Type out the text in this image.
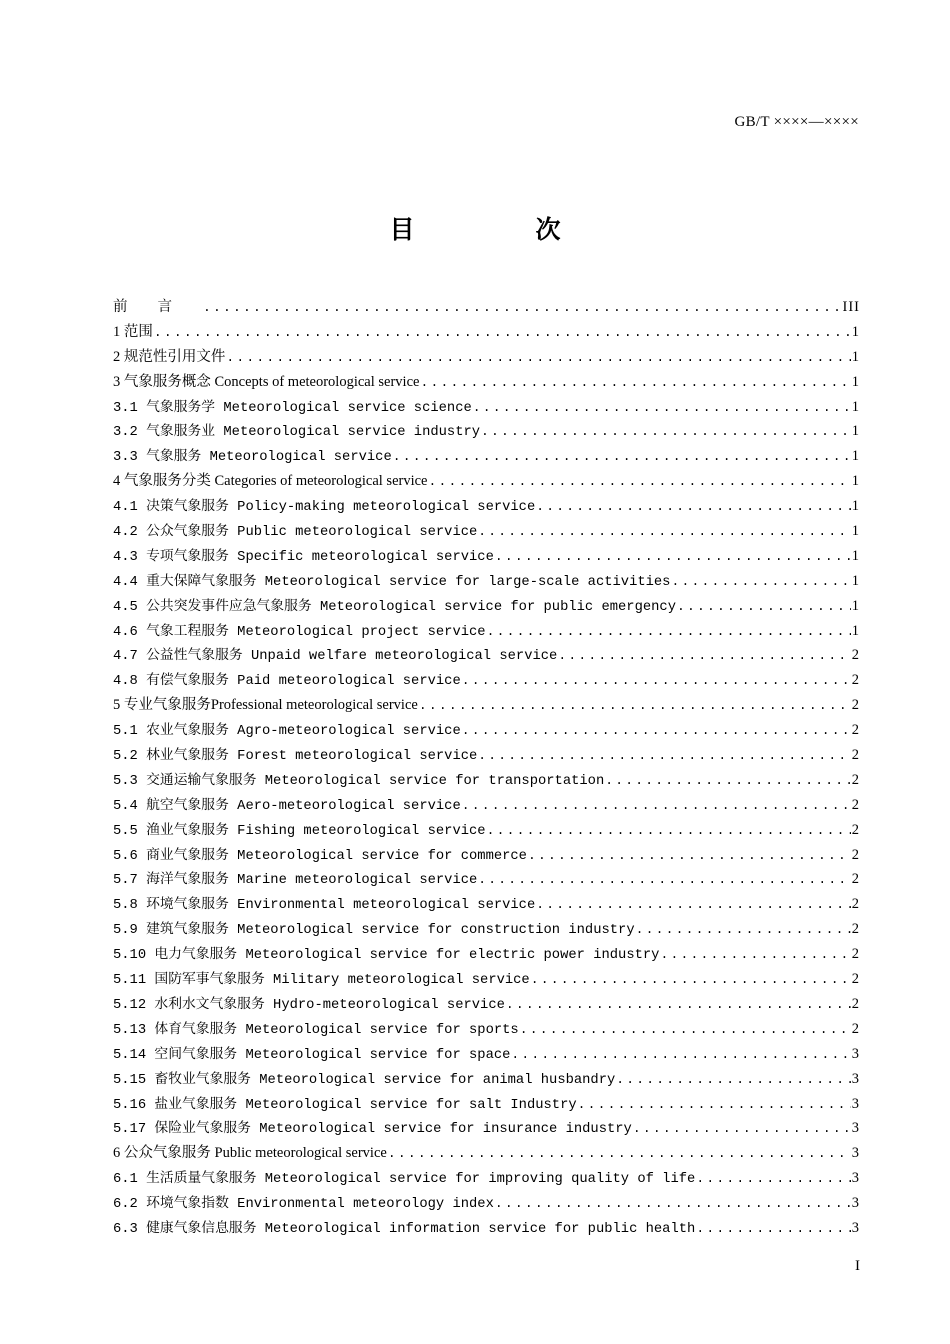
GB/T ××××—××××
目　次
前言 .....	III
1 范围 .....	1
2 规范性引用文件 .....	1
3 气象服务概念 Concepts of meteorological service .....	1
3.1 气象服务学 Meteorological service science .....	1
3.2 气象服务业 Meteorological service industry .....	1
3.3 气象服务 Meteorological service .....	1
4 气象服务分类 Categories of meteorological service .....	1
4.1 决策气象服务 Policy-making meteorological service .....	1
4.2 公众气象服务 Public meteorological service .....	1
4.3 专项气象服务 Specific meteorological service .....	1
4.4 重大保障气象服务 Meteorological service for large-scale activities .....	1
4.5 公共突发事件应急气象服务 Meteorological service for public emergency .....	1
4.6 气象工程服务 Meteorological project service .....	1
4.7 公益性气象服务 Unpaid welfare meteorological service .....	2
4.8 有偿气象服务 Paid meteorological service .....	2
5 专业气象服务Professional meteorological service .....	2
5.1 农业气象服务 Agro-meteorological service .....	2
5.2 林业气象服务 Forest meteorological service .....	2
5.3 交通运输气象服务 Meteorological service for transportation .....	2
5.4 航空气象服务 Aero-meteorological service .....	2
5.5 渔业气象服务 Fishing meteorological service .....	2
5.6 商业气象服务 Meteorological service for commerce .....	2
5.7 海洋气象服务 Marine meteorological service .....	2
5.8 环境气象服务 Environmental meteorological service .....	2
5.9 建筑气象服务 Meteorological service for construction industry .....	2
5.10 电力气象服务 Meteorological service for electric power industry .....	2
5.11 国防军事气象服务 Military meteorological service .....	2
5.12 水利水文气象服务 Hydro-meteorological service .....	2
5.13 体育气象服务 Meteorological service for sports .....	2
5.14 空间气象服务 Meteorological service for space .....	3
5.15 畜牧业气象服务 Meteorological service for animal husbandry .....	3
5.16 盐业气象服务 Meteorological service for salt Industry .....	3
5.17 保险业气象服务 Meteorological service for insurance industry .....	3
6 公众气象服务 Public meteorological service .....	3
6.1 生活质量气象服务 Meteorological service for improving quality of life .....	3
6.2 环境气象指数 Environmental meteorology index .....	3
6.3 健康气象信息服务 Meteorological information service for public health .....	3
I
